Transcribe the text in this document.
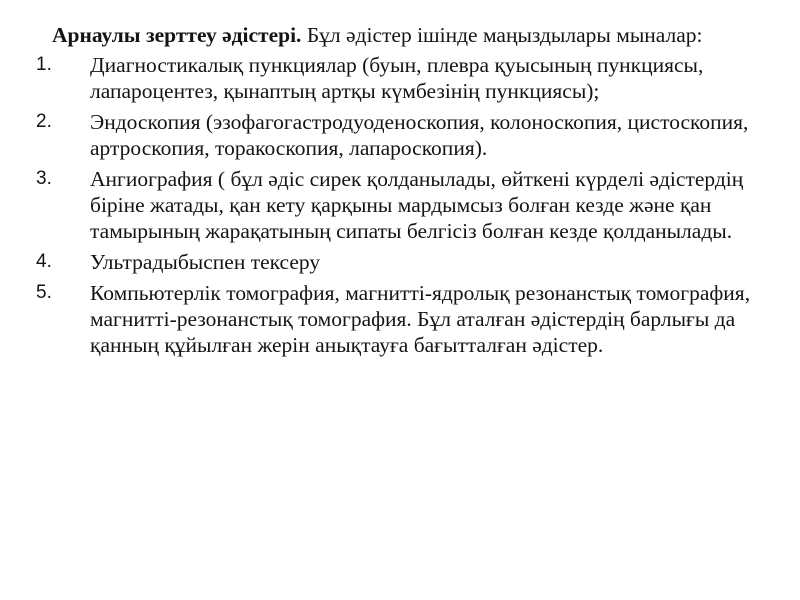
Арнаулы зерттеу әдістері. Бұл әдістер ішінде маңыздылары мыналар:

1. Диагностикалық пункциялар (буын, плевра қуысының пункциясы, лапароцентез, қынаптың артқы күмбезінің пункциясы);
2. Эндоскопия (эзофагогастродуоденоскопия, колоноскопия, цистоскопия, артроскопия, торакоскопия, лапароскопия).
3. Ангиография ( бұл әдіс сирек қолданылады, өйткені күрделі әдістердің біріне жатады, қан кету қарқыны мардымсыз болған кезде және қан тамырының жарақатының сипаты белгісіз болған кезде қолданылады.
4. Ультрадыбыспен тексеру
5. Компьютерлік томография, магнитті-ядролық резонанстық томография, магнитті-резонанстық томография. Бұл аталған әдістердің барлығы да қанның құйылған жерін анықтауға бағытталған әдістер.
